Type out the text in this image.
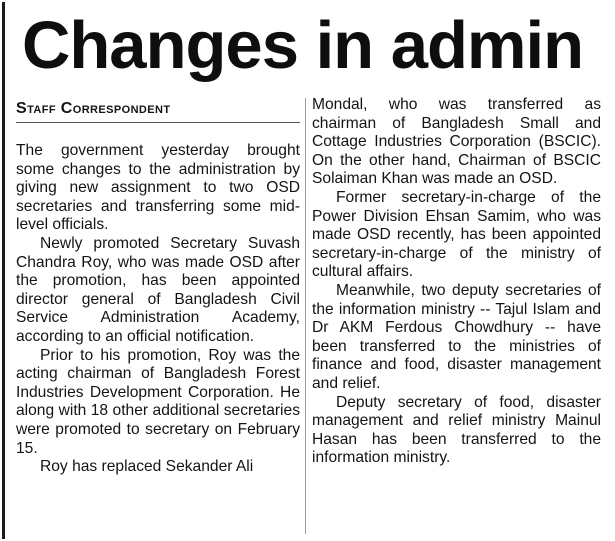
Changes in admin
Staff Correspondent

The government yesterday brought some changes to the administration by giving new assignment to two OSD secretaries and transferring some mid-level officials.

Newly promoted Secretary Suvash Chandra Roy, who was made OSD after the promotion, has been appointed director general of Bangladesh Civil Service Administration Academy, according to an official notification.

Prior to his promotion, Roy was the acting chairman of Bangladesh Forest Industries Development Corporation. He along with 18 other additional secretaries were promoted to secretary on February 15.

Roy has replaced Sekander Ali

Mondal, who was transferred as chairman of Bangladesh Small and Cottage Industries Corporation (BSCIC). On the other hand, Chairman of BSCIC Solaiman Khan was made an OSD.

Former secretary-in-charge of the Power Division Ehsan Samim, who was made OSD recently, has been appointed secretary-in-charge of the ministry of cultural affairs.

Meanwhile, two deputy secretaries of the information ministry -- Tajul Islam and Dr AKM Ferdous Chowdhury -- have been transferred to the ministries of finance and food, disaster management and relief.

Deputy secretary of food, disaster management and relief ministry Mainul Hasan has been transferred to the information ministry.
